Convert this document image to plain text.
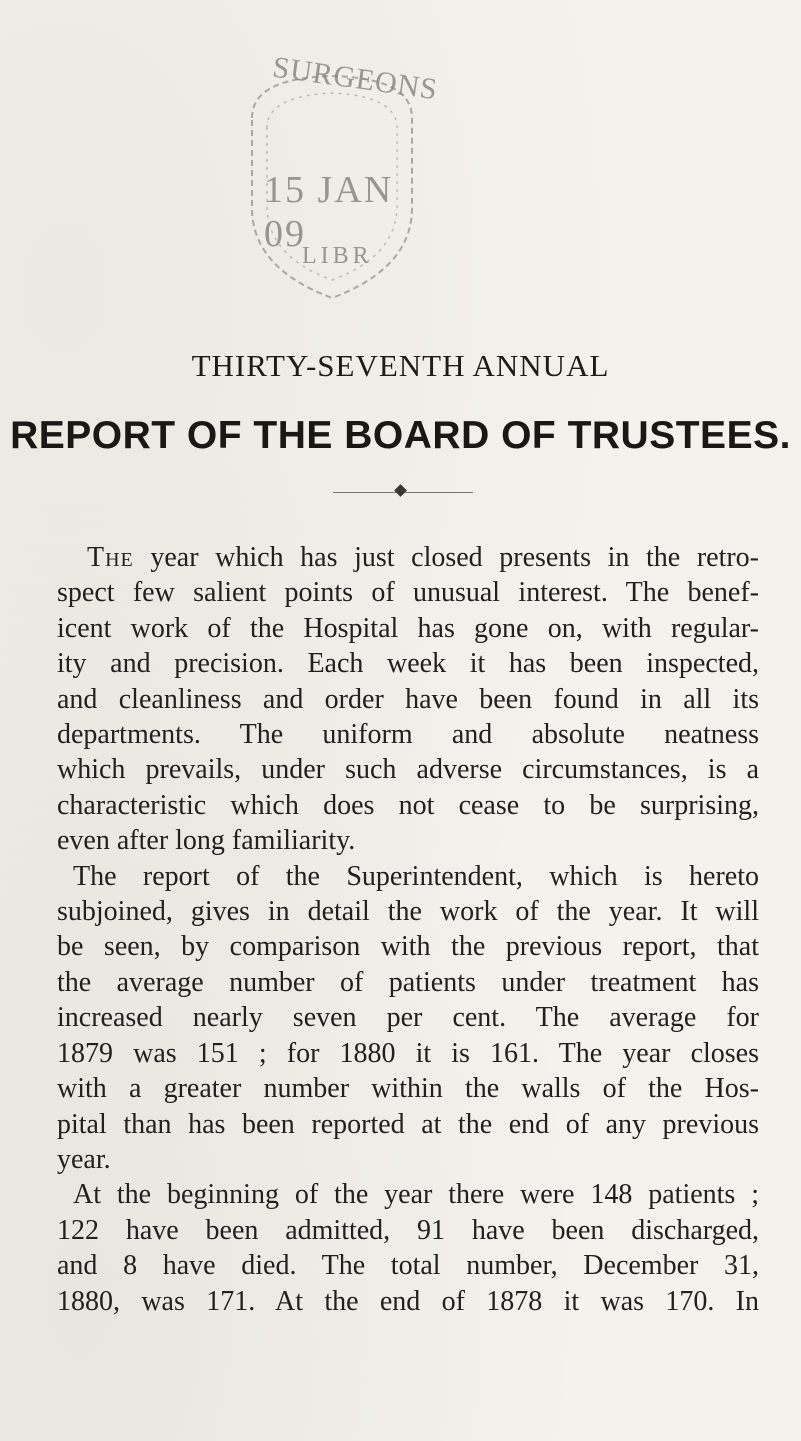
SURGEONS
15 JAN 09
LIBR
THIRTY-SEVENTH ANNUAL
REPORT OF THE BOARD OF TRUSTEES.
The year which has just closed presents in the retro-
spect few salient points of unusual interest. The benef-
icent work of the Hospital has gone on, with regular-
ity and precision. Each week it has been inspected,
and cleanliness and order have been found in all its
departments. The uniform and absolute neatness
which prevails, under such adverse circumstances, is a
characteristic which does not cease to be surprising,
even after long familiarity.
The report of the Superintendent, which is hereto
subjoined, gives in detail the work of the year. It will
be seen, by comparison with the previous report, that
the average number of patients under treatment has
increased nearly seven per cent. The average for
1879 was 151 ; for 1880 it is 161. The year closes
with a greater number within the walls of the Hos-
pital than has been reported at the end of any previous
year.
At the beginning of the year there were 148 patients ;
122 have been admitted, 91 have been discharged,
and 8 have died. The total number, December 31,
1880, was 171. At the end of 1878 it was 170. In
